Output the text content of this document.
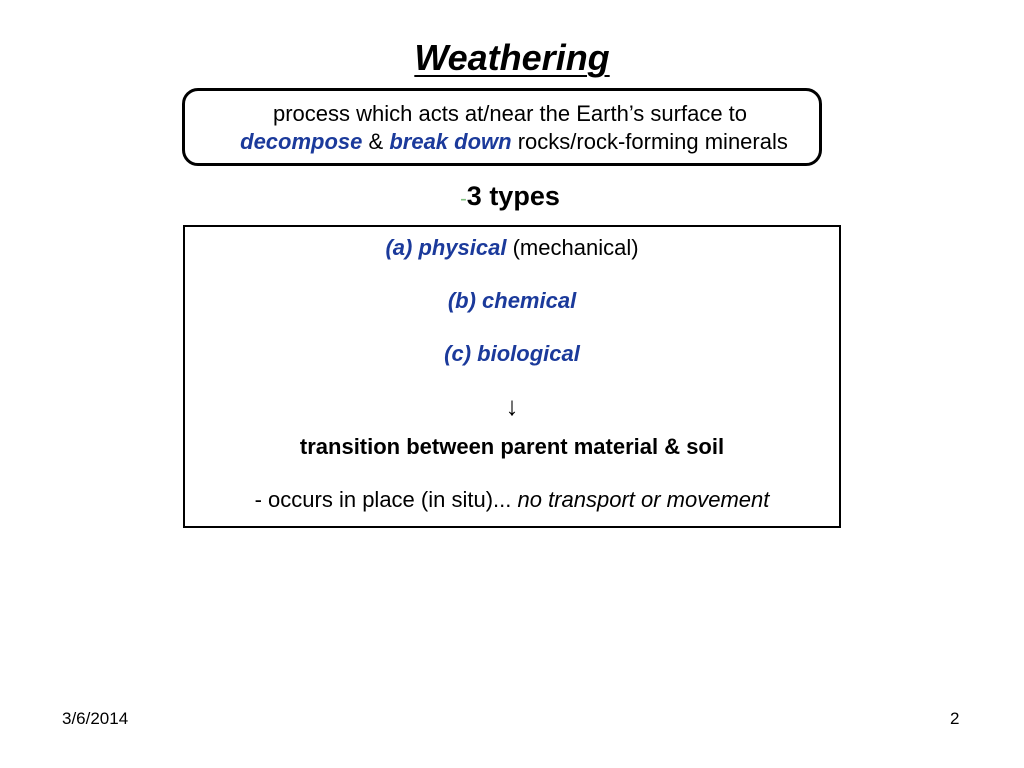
Weathering
process which acts at/near the Earth’s surface to
decompose & break down rocks/rock-forming minerals
-3 types
(a) physical (mechanical)
(b) chemical
(c) biological
↓
transition between parent material & soil
- occurs in place (in situ)... no transport or movement
3/6/2014	2
